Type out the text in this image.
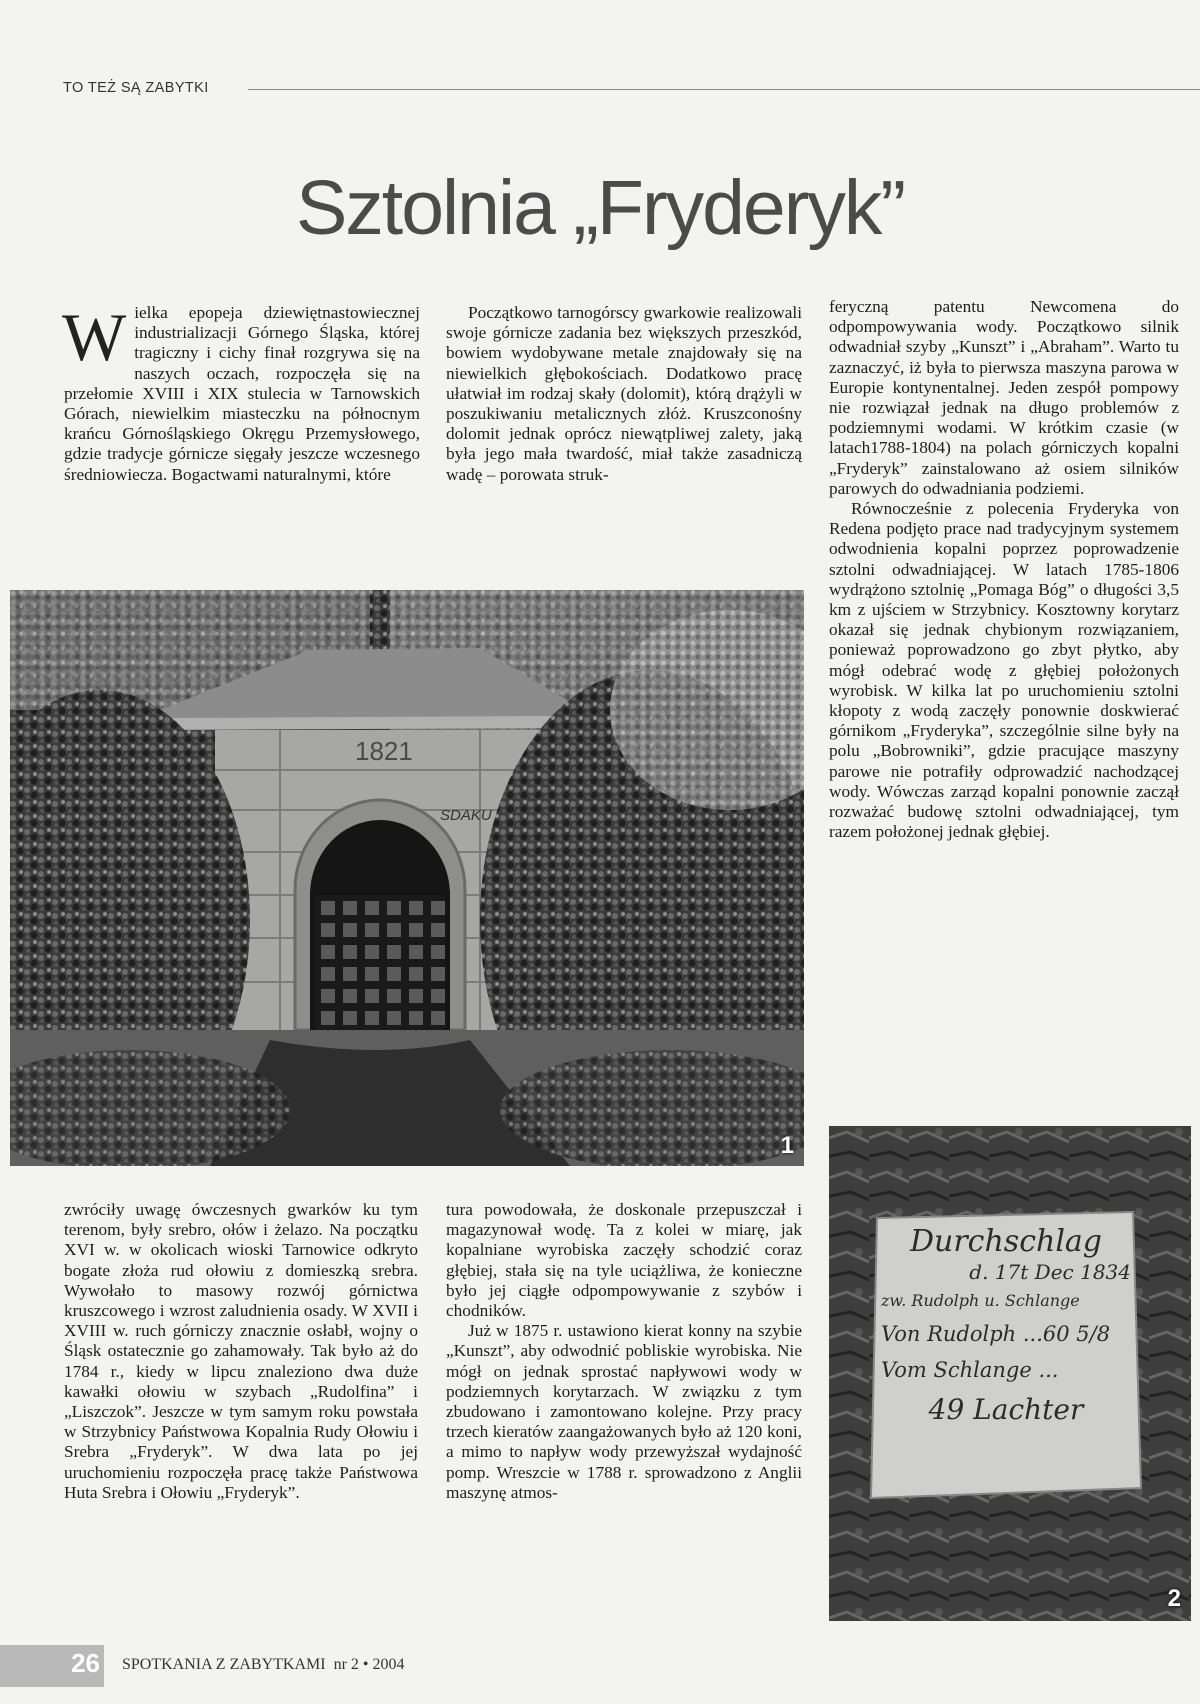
TO TEŻ SĄ ZABYTKI
Sztolnia „Fryderyk”

Wielka epopeja dziewiętnastowiecznej industrializacji Górnego Śląska, której tragiczny i cichy finał rozgrywa się na naszych oczach, rozpoczęła się na przełomie XVIII i XIX stulecia w Tarnowskich Górach, niewielkim miasteczku na północnym krańcu Górnośląskiego Okręgu Przemysłowego, gdzie tradycje górnicze sięgały jeszcze wczesnego średniowiecza. Bogactwami naturalnymi, które

Początkowo tarnogórscy gwarkowie realizowali swoje górnicze zadania bez większych przeszkód, bowiem wydobywane metale znajdowały się na niewielkich głębokościach. Dodatkowo pracę ułatwiał im rodzaj skały (dolomit), którą drążyli w poszukiwaniu metalicznych złóż. Kruszconośny dolomit jednak oprócz niewątpliwej zalety, jaką była jego mała twardość, miał także zasadniczą wadę – porowata struk-

feryczną patentu Newcomena do odpompowywania wody. Początkowo silnik odwadniał szyby „Kunszt” i „Abraham”. Warto tu zaznaczyć, iż była to pierwsza maszyna parowa w Europie kontynentalnej. Jeden zespół pompowy nie rozwiązał jednak na długo problemów z podziemnymi wodami. W krótkim czasie (w latach1788-1804) na polach górniczych kopalni „Fryderyk” zainstalowano aż osiem silników parowych do odwadniania podziemi.

Równocześnie z polecenia Fryderyka von Redena podjęto prace nad tradycyjnym systemem odwodnienia kopalni poprzez poprowadzenie sztolni odwadniającej. W latach 1785-1806 wydrążono sztolnię „Pomaga Bóg” o długości 3,5 km z ujściem w Strzybnicy. Kosztowny korytarz okazał się jednak chybionym rozwiązaniem, ponieważ poprowadzono go zbyt płytko, aby mógł odebrać wodę z głębiej położonych wyrobisk. W kilka lat po uruchomieniu sztolni kłopoty z wodą zaczęły ponownie doskwierać górnikom „Fryderyka”, szczególnie silne były na polu „Bobrowniki”, gdzie pracujące maszyny parowe nie potrafiły odprowadzić nachodzącej wody. Wówczas zarząd kopalni ponownie zaczął rozważać budowę sztolni odwadniającej, tym razem położonej jednak głębiej.

1821
SDAKU
1

zwróciły uwagę ówczesnych gwarków ku tym terenom, były srebro, ołów i żelazo. Na początku XVI w. w okolicach wioski Tarnowice odkryto bogate złoża rud ołowiu z domieszką srebra. Wywołało to masowy rozwój górnictwa kruszcowego i wzrost zaludnienia osady. W XVII i XVIII w. ruch górniczy znacznie osłabł, wojny o Śląsk ostatecznie go zahamowały. Tak było aż do 1784 r., kiedy w lipcu znaleziono dwa duże kawałki ołowiu w szybach „Rudolfina” i „Liszczok”. Jeszcze w tym samym roku powstała w Strzybnicy Państwowa Kopalnia Rudy Ołowiu i Srebra „Fryderyk”. W dwa lata po jej uruchomieniu rozpoczęła pracę także Państwowa Huta Srebra i Ołowiu „Fryderyk”.

tura powodowała, że doskonale przepuszczał i magazynował wodę. Ta z kolei w miarę, jak kopalniane wyrobiska zaczęły schodzić coraz głębiej, stała się na tyle uciążliwa, że konieczne było jej ciągłe odpompowywanie z szybów i chodników.

Już w 1875 r. ustawiono kierat konny na szybie „Kunszt”, aby odwodnić pobliskie wyrobiska. Nie mógł on jednak sprostać napływowi wody w podziemnych korytarzach. W związku z tym zbudowano i zamontowano kolejne. Przy pracy trzech kieratów zaangażowanych było aż 120 koni, a mimo to napływ wody przewyższał wydajność pomp. Wreszcie w 1788 r. sprowadzono z Anglii maszynę atmos-

Durchschlag
d. 17t Dec 1834
zw. Rudolph u. Schlange
Von Rudolph ...60 5/8
Vom Schlange ...
49 Lachter
2
26 SPOTKANIA Z ZABYTKAMI nr 2 • 2004
